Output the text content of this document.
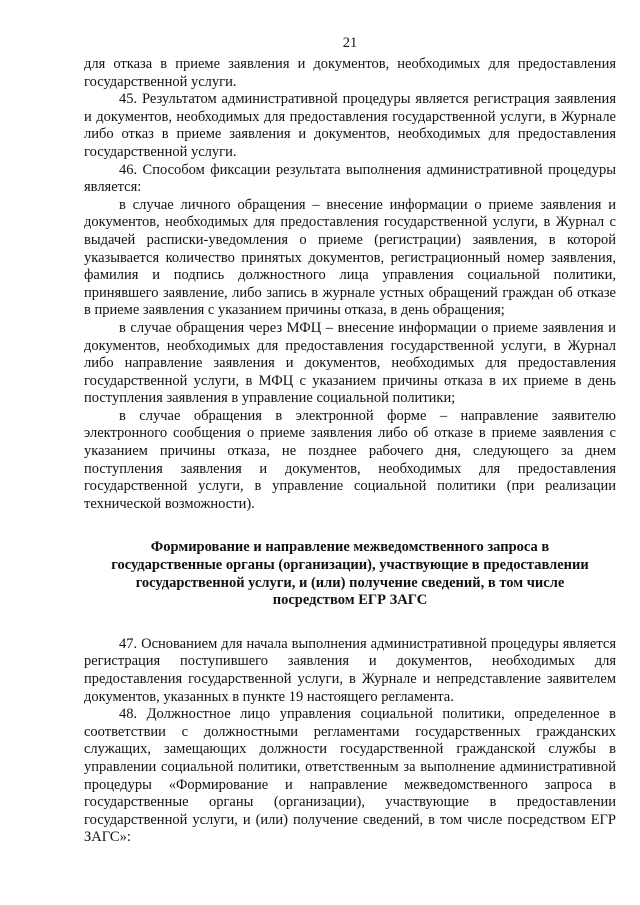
21

для отказа в приеме заявления и документов, необходимых для предоставления государственной услуги.

45. Результатом административной процедуры является регистрация заявления и документов, необходимых для предоставления государственной услуги, в Журнале либо отказ в приеме заявления и документов, необходимых для предоставления государственной услуги.

46. Способом фиксации результата выполнения административной процедуры является:

в случае личного обращения – внесение информации о приеме заявления и документов, необходимых для предоставления государственной услуги, в Журнал с выдачей расписки-уведомления о приеме (регистрации) заявления, в которой указывается количество принятых документов, регистрационный номер заявления, фамилия и подпись должностного лица управления социальной политики, принявшего заявление, либо запись в журнале устных обращений граждан об отказе в приеме заявления с указанием причины отказа, в день обращения;

в случае обращения через МФЦ – внесение информации о приеме заявления и документов, необходимых для предоставления государственной услуги, в Журнал либо направление заявления и документов, необходимых для предоставления государственной услуги, в МФЦ с указанием причины отказа в их приеме в день поступления заявления в управление социальной политики;

в случае обращения в электронной форме – направление заявителю электронного сообщения о приеме заявления либо об отказе в приеме заявления с указанием причины отказа, не позднее рабочего дня, следующего за днем поступления заявления и документов, необходимых для предоставления государственной услуги, в управление социальной политики (при реализации технической возможности).

Формирование и направление межведомственного запроса в государственные органы (организации), участвующие в предоставлении государственной услуги, и (или) получение сведений, в том числе посредством ЕГР ЗАГС

47. Основанием для начала выполнения административной процедуры является регистрация поступившего заявления и документов, необходимых для предоставления государственной услуги, в Журнале и непредставление заявителем документов, указанных в пункте 19 настоящего регламента.

48. Должностное лицо управления социальной политики, определенное в соответствии с должностными регламентами государственных гражданских служащих, замещающих должности государственной гражданской службы в управлении социальной политики, ответственным за выполнение административной процедуры «Формирование и направление межведомственного запроса в государственные органы (организации), участвующие в предоставлении государственной услуги, и (или) получение сведений, в том числе посредством ЕГР ЗАГС»:
